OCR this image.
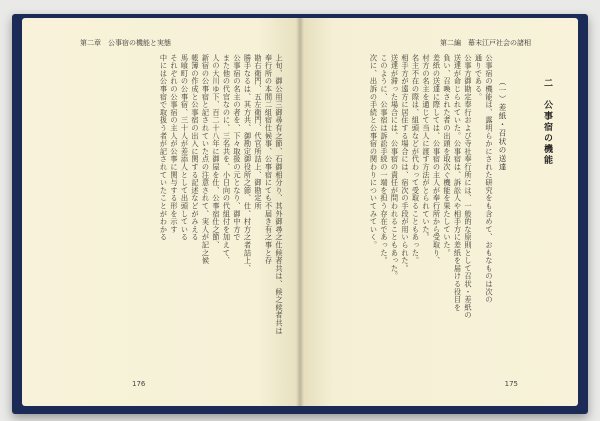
第二章　公事宿の機能と実態
上旬、御公用三御尋有之節、石御相分り、其外御尋之仕候者共は、候之候者共は
奉行所の本間二組宿仕候事、公事宿にても不届き有之事と存
勘右衛門、五左衛門、代官所詰上、御勘定所
勝手なるは、其方共、御勘定御役所之節、仕、村方之者詰上、
公事宿の名主の者を、下々取扱の元となり、御中方で
また他の代官なのに、三名共を、小日向の代組付を加えて、
人の大川ゆ下、百二十八年に御屋を仕、公事宿仕之節、
新宿の公事宿と記されていた点の注意されて、実人が記之候
帳簿の作成と公事宿の出入に関する記述などがみえる
馬喰町の公事宿、三十人が差添人として出頭している
それぞれの公事宿の主人が公事に関与する形を示す
中には公事宿で取扱う者が記されていたことがわかる
176
第二編　幕末江戸社会の諸相
二　公事宿の機能
（一）差紙・召状の送達
公事宿の機能は、露明らかにされた研究をも含めて、おもなものは次の
通りである。
公事方御勘定奉行および寺社奉行所には、一般的な原則として召状・差紙の
送達が命じられていた。公事宿は、訴訟人や相手方に差紙を届ける役目を
負い、召喚された者の出頭を取次ぐ機能を果たしていた。
差紙の送達に際しては、公事宿の主人が奉行所から受取り、
村方の名主を通じて当人に渡す方法がとられていた。
名主不在の際は、組頭などが代わって受取ることもあった。
相手方が遠方に居住する場合には、宿次の手段が用いられた。
送達が滞った場合には、公事宿の責任が問われることもあった。
このように、公事宿は訴訟手続の一端を担う存在であった。
次に、出訴の手続と公事宿の関わりについてみていく。
175
